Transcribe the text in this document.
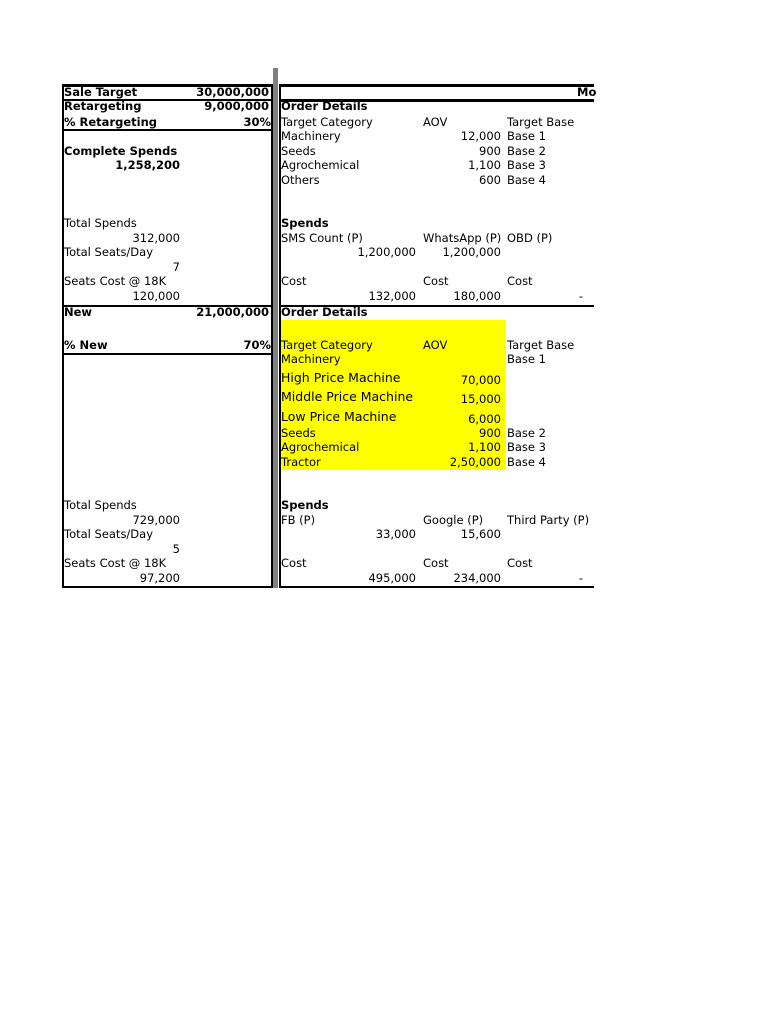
Sale Target	30,000,000
Retargeting	9,000,000
% Retargeting	30%
Complete Spends
1,258,200
Total Spends
312,000
Total Seats/Day
7
Seats Cost @ 18K
120,000
New	21,000,000
% New	70%
Total Spends
729,000
Total Seats/Day
5
Seats Cost @ 18K
97,200
Mo
Order Details
Target Category	AOV	Target Base
Machinery	12,000 Base 1
Seeds	900 Base 2
Agrochemical	1,100 Base 3
Others	600 Base 4
Spends
SMS Count (P)	WhatsApp (P) OBD (P)
1,200,000	1,200,000
Cost	Cost	Cost
132,000	180,000	-
Order Details
Target Category	AOV	Target Base
Machinery	Base 1
High Price Machine	70,000
Middle Price Machine	15,000
Low Price Machine	6,000
Seeds	900 Base 2
Agrochemical	1,100 Base 3
Tractor	2,50,000 Base 4
Spends
FB (P)	Google (P) Third Party (P)
33,000	15,600
Cost	Cost	Cost
495,000	234,000	-
